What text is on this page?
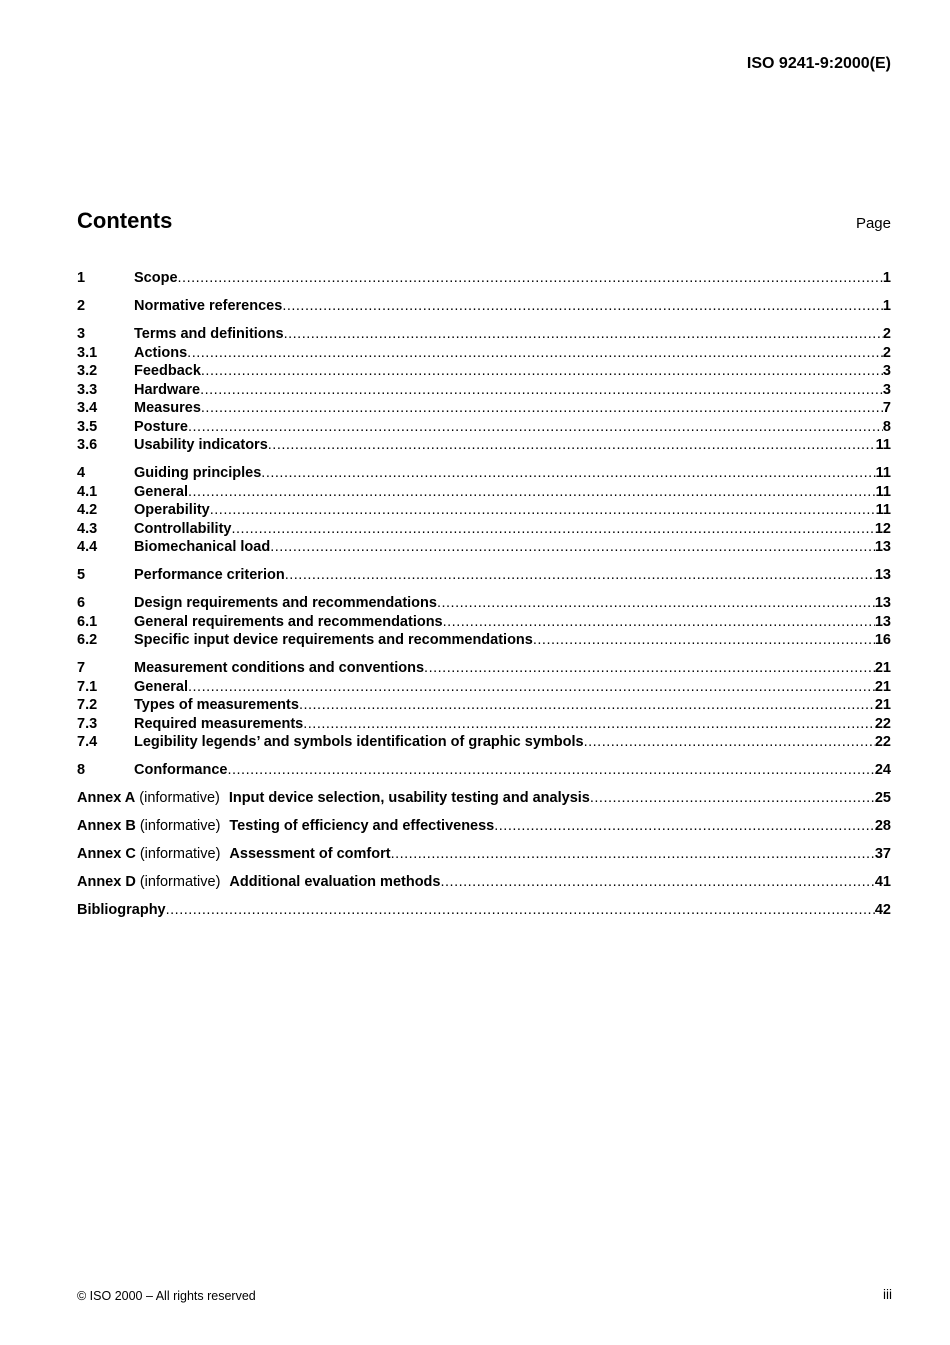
ISO 9241-9:2000(E)
Contents	Page
1	Scope .....	1
2	Normative references .....	1
3	Terms and definitions .....	2
3.1	Actions .....	2
3.2	Feedback .....	3
3.3	Hardware .....	3
3.4	Measures .....	7
3.5	Posture .....	8
3.6	Usability indicators .....	11
4	Guiding principles .....	11
4.1	General .....	11
4.2	Operability .....	11
4.3	Controllability .....	12
4.4	Biomechanical load .....	13
5	Performance criterion .....	13
6	Design requirements and recommendations .....	13
6.1	General requirements and recommendations .....	13
6.2	Specific input device requirements and recommendations .....	16
7	Measurement conditions and conventions .....	21
7.1	General .....	21
7.2	Types of measurements .....	21
7.3	Required measurements .....	22
7.4	Legibility legends’ and symbols identification of graphic symbols .....	22
8	Conformance .....	24
Annex A (informative) Input device selection, usability testing and analysis .....	25
Annex B (informative) Testing of efficiency and effectiveness .....	28
Annex C (informative) Assessment of comfort .....	37
Annex D (informative) Additional evaluation methods .....	41
Bibliography .....	42
© ISO 2000 – All rights reserved	iii
